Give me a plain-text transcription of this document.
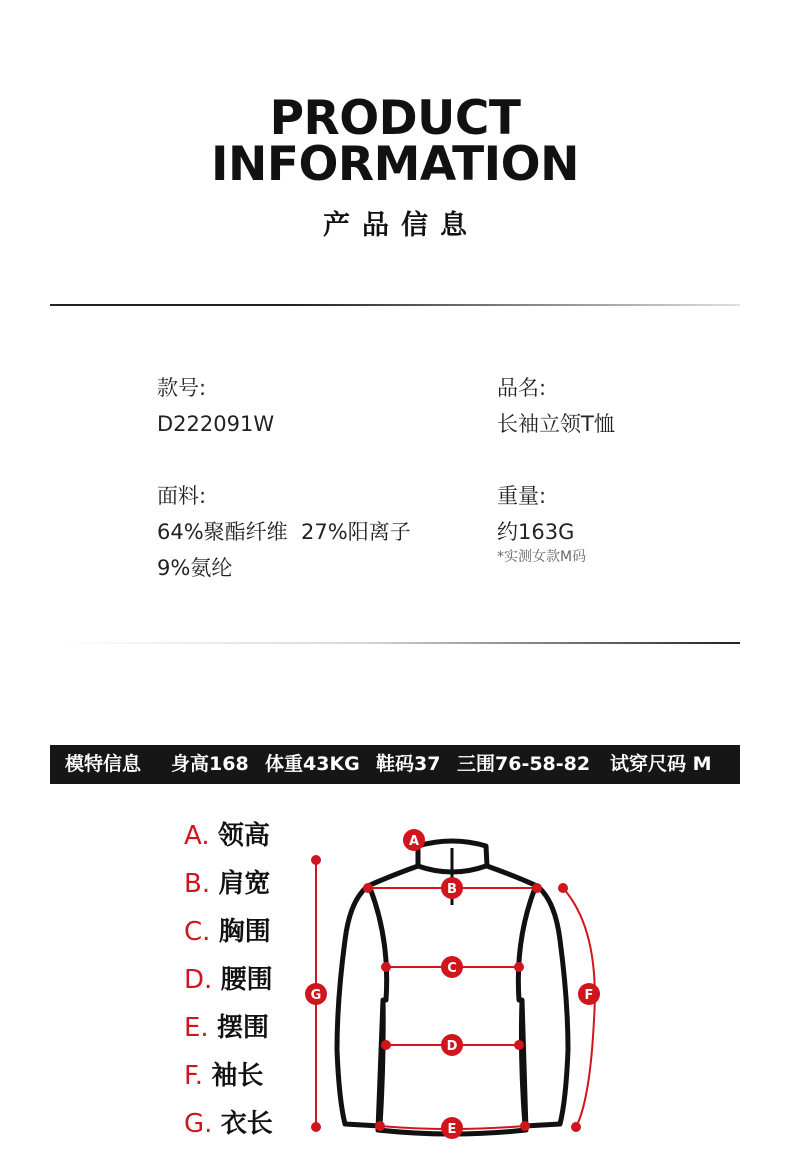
PRODUCT
INFORMATION
产品信息
款号:
D222091W
品名:
长袖立领T恤
面料:
64%聚酯纤维  27%阳离子
9%氨纶
重量:
约163G
*实测女款M码
模特信息 身高168 体重43KG 鞋码37 三围76-58-82 试穿尺码 M
A. 领高
B. 肩宽
C. 胸围
D. 腰围
E. 摆围
F. 袖长
G. 衣长
A
B
C
D
E
F
G
